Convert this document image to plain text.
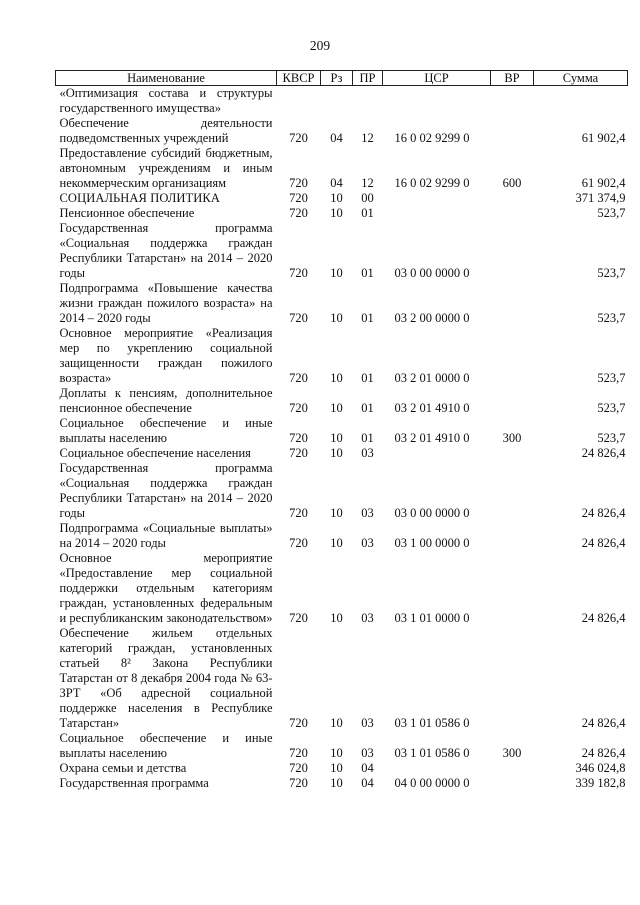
209
Наименование	КВСР	Рз	ПР	ЦСР	ВР	Сумма
«Оптимизация состава и структуры государственного имущества»						
Обеспечение деятельности подведомственных учреждений	720	04	12	16 0 02 9299 0		61 902,4
Предоставление субсидий бюджетным, автономным учреждениям и иным некоммерческим организациям	720	04	12	16 0 02 9299 0	600	61 902,4
СОЦИАЛЬНАЯ ПОЛИТИКА	720	10	00			371 374,9
Пенсионное обеспечение	720	10	01			523,7
Государственная программа «Социальная поддержка граждан Республики Татарстан» на 2014 – 2020 годы	720	10	01	03 0 00 0000 0		523,7
Подпрограмма «Повышение качества жизни граждан пожилого возраста» на 2014 – 2020 годы	720	10	01	03 2 00 0000 0		523,7
Основное мероприятие «Реализация мер по укреплению социальной защищенности граждан пожилого возраста»	720	10	01	03 2 01 0000 0		523,7
Доплаты к пенсиям, дополнительное пенсионное обеспечение	720	10	01	03 2 01 4910 0		523,7
Социальное обеспечение и иные выплаты населению	720	10	01	03 2 01 4910 0	300	523,7
Социальное обеспечение населения	720	10	03			24 826,4
Государственная программа «Социальная поддержка граждан Республики Татарстан» на 2014 – 2020 годы	720	10	03	03 0 00 0000 0		24 826,4
Подпрограмма «Социальные выплаты» на 2014 – 2020 годы	720	10	03	03 1 00 0000 0		24 826,4
Основное мероприятие «Предоставление мер социальной поддержки отдельным категориям граждан, установленных федеральным и республиканским законодательством»	720	10	03	03 1 01 0000 0		24 826,4
Обеспечение жильем отдельных категорий граждан, установленных статьей 8² Закона Республики Татарстан от 8 декабря 2004 года № 63-ЗРТ «Об адресной социальной поддержке населения в Республике Татарстан»	720	10	03	03 1 01 0586 0		24 826,4
Социальное обеспечение и иные выплаты населению	720	10	03	03 1 01 0586 0	300	24 826,4
Охрана семьи и детства	720	10	04			346 024,8
Государственная программа	720	10	04	04 0 00 0000 0		339 182,8
